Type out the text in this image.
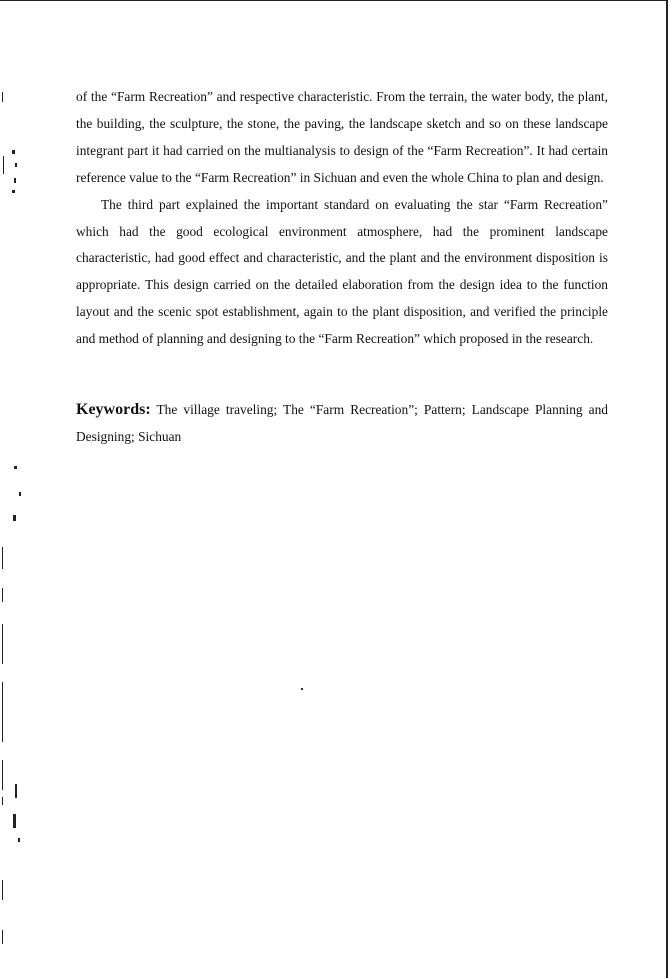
of the “Farm Recreation” and respective characteristic. From the terrain, the water body, the plant, the building, the sculpture, the stone, the paving, the landscape sketch and so on these landscape integrant part it had carried on the multianalysis to design of the “Farm Recreation”. It had certain reference value to the “Farm Recreation” in Sichuan and even the whole China to plan and design.

The third part explained the important standard on evaluating the star “Farm Recreation” which had the good ecological environment atmosphere, had the prominent landscape characteristic, had good effect and characteristic, and the plant and the environment disposition is appropriate. This design carried on the detailed elaboration from the design idea to the function layout and the scenic spot establishment, again to the plant disposition, and verified the principle and method of planning and designing to the “Farm Recreation” which proposed in the research.

Keywords: The village traveling; The “Farm Recreation”; Pattern; Landscape Planning and Designing; Sichuan
